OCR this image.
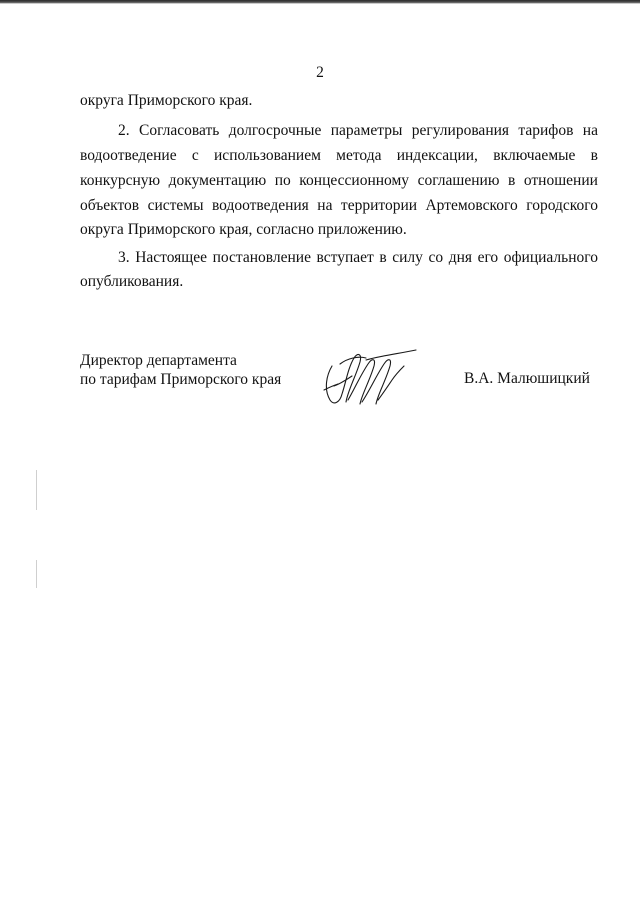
2
округа Приморского края.
2. Согласовать долгосрочные параметры регулирования тарифов на
водоотведение с использованием метода индексации, включаемые в
конкурсную документацию по концессионному соглашению в отношении
объектов системы водоотведения на территории Артемовского городского
округа Приморского края, согласно приложению.
3. Настоящее постановление вступает в силу со дня его официального
опубликования.
Директор департамента
по тарифам Приморского края	В.А. Малюшицкий
